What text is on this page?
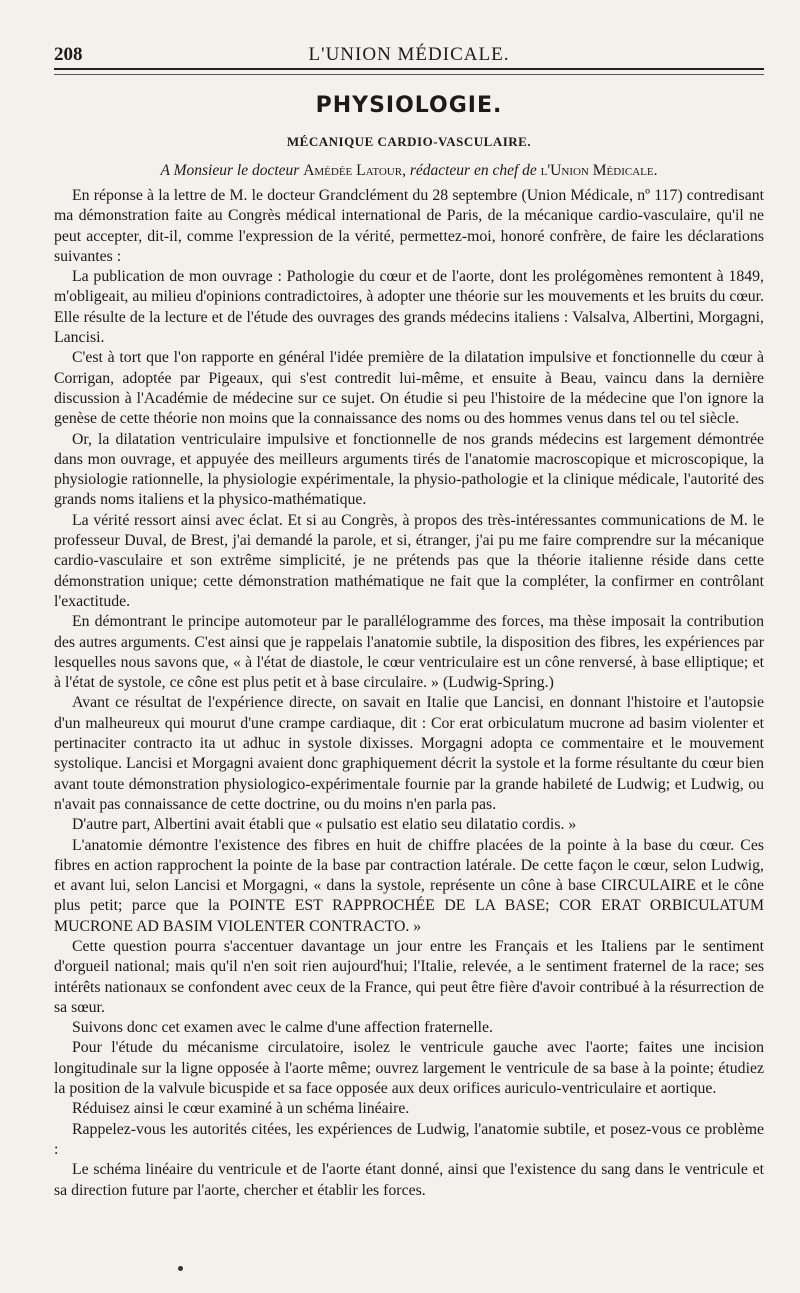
208	L'UNION MÉDICALE.
PHYSIOLOGIE.
MÉCANIQUE CARDIO-VASCULAIRE.
A Monsieur le docteur Amédée Latour, rédacteur en chef de l'Union Médicale.

En réponse à la lettre de M. le docteur Grandclément du 28 septembre (Union Médicale, nº 117) contredisant ma démonstration faite au Congrès médical international de Paris, de la mécanique cardio-vasculaire, qu'il ne peut accepter, dit-il, comme l'expression de la vérité, permettez-moi, honoré confrère, de faire les déclarations suivantes :

La publication de mon ouvrage : Pathologie du cœur et de l'aorte, dont les prolégomènes remontent à 1849, m'obligeait, au milieu d'opinions contradictoires, à adopter une théorie sur les mouvements et les bruits du cœur. Elle résulte de la lecture et de l'étude des ouvrages des grands médecins italiens : Valsalva, Albertini, Morgagni, Lancisi.

C'est à tort que l'on rapporte en général l'idée première de la dilatation impulsive et fonctionnelle du cœur à Corrigan, adoptée par Pigeaux, qui s'est contredit lui-même, et ensuite à Beau, vaincu dans la dernière discussion à l'Académie de médecine sur ce sujet. On étudie si peu l'histoire de la médecine que l'on ignore la genèse de cette théorie non moins que la connaissance des noms ou des hommes venus dans tel ou tel siècle.

Or, la dilatation ventriculaire impulsive et fonctionnelle de nos grands médecins est largement démontrée dans mon ouvrage, et appuyée des meilleurs arguments tirés de l'anatomie macroscopique et microscopique, la physiologie rationnelle, la physiologie expérimentale, la physio-pathologie et la clinique médicale, l'autorité des grands noms italiens et la physico-mathématique.

La vérité ressort ainsi avec éclat. Et si au Congrès, à propos des très-intéressantes communications de M. le professeur Duval, de Brest, j'ai demandé la parole, et si, étranger, j'ai pu me faire comprendre sur la mécanique cardio-vasculaire et son extrême simplicité, je ne prétends pas que la théorie italienne réside dans cette démonstration unique; cette démonstration mathématique ne fait que la compléter, la confirmer en contrôlant l'exactitude.

En démontrant le principe automoteur par le parallélogramme des forces, ma thèse imposait la contribution des autres arguments. C'est ainsi que je rappelais l'anatomie subtile, la disposition des fibres, les expériences par lesquelles nous savons que, « à l'état de diastole, le cœur ventriculaire est un cône renversé, à base elliptique; et à l'état de systole, ce cône est plus petit et à base circulaire. » (Ludwig-Spring.)

Avant ce résultat de l'expérience directe, on savait en Italie que Lancisi, en donnant l'histoire et l'autopsie d'un malheureux qui mourut d'une crampe cardiaque, dit : Cor erat orbiculatum mucrone ad basim violenter et pertinaciter contracto ita ut adhuc in systole dixisses. Morgagni adopta ce commentaire et le mouvement systolique. Lancisi et Morgagni avaient donc graphiquement décrit la systole et la forme résultante du cœur bien avant toute démonstration physiologico-expérimentale fournie par la grande habileté de Ludwig; et Ludwig, ou n'avait pas connaissance de cette doctrine, ou du moins n'en parla pas.

D'autre part, Albertini avait établi que « pulsatio est elatio seu dilatatio cordis. »

L'anatomie démontre l'existence des fibres en huit de chiffre placées de la pointe à la base du cœur. Ces fibres en action rapprochent la pointe de la base par contraction latérale. De cette façon le cœur, selon Ludwig, et avant lui, selon Lancisi et Morgagni, « dans la systole, représente un cône à base CIRCULAIRE et le cône plus petit; parce que la POINTE EST RAPPROCHÉE DE LA BASE; COR ERAT ORBICULATUM MUCRONE AD BASIM VIOLENTER CONTRACTO. »

Cette question pourra s'accentuer davantage un jour entre les Français et les Italiens par le sentiment d'orgueil national; mais qu'il n'en soit rien aujourd'hui; l'Italie, relevée, a le sentiment fraternel de la race; ses intérêts nationaux se confondent avec ceux de la France, qui peut être fière d'avoir contribué à la résurrection de sa sœur.

Suivons donc cet examen avec le calme d'une affection fraternelle.

Pour l'étude du mécanisme circulatoire, isolez le ventricule gauche avec l'aorte; faites une incision longitudinale sur la ligne opposée à l'aorte même; ouvrez largement le ventricule de sa base à la pointe; étudiez la position de la valvule bicuspide et sa face opposée aux deux orifices auriculo-ventriculaire et aortique.

Réduisez ainsi le cœur examiné à un schéma linéaire.

Rappelez-vous les autorités citées, les expériences de Ludwig, l'anatomie subtile, et posez-vous ce problème :

Le schéma linéaire du ventricule et de l'aorte étant donné, ainsi que l'existence du sang dans le ventricule et sa direction future par l'aorte, chercher et établir les forces.
